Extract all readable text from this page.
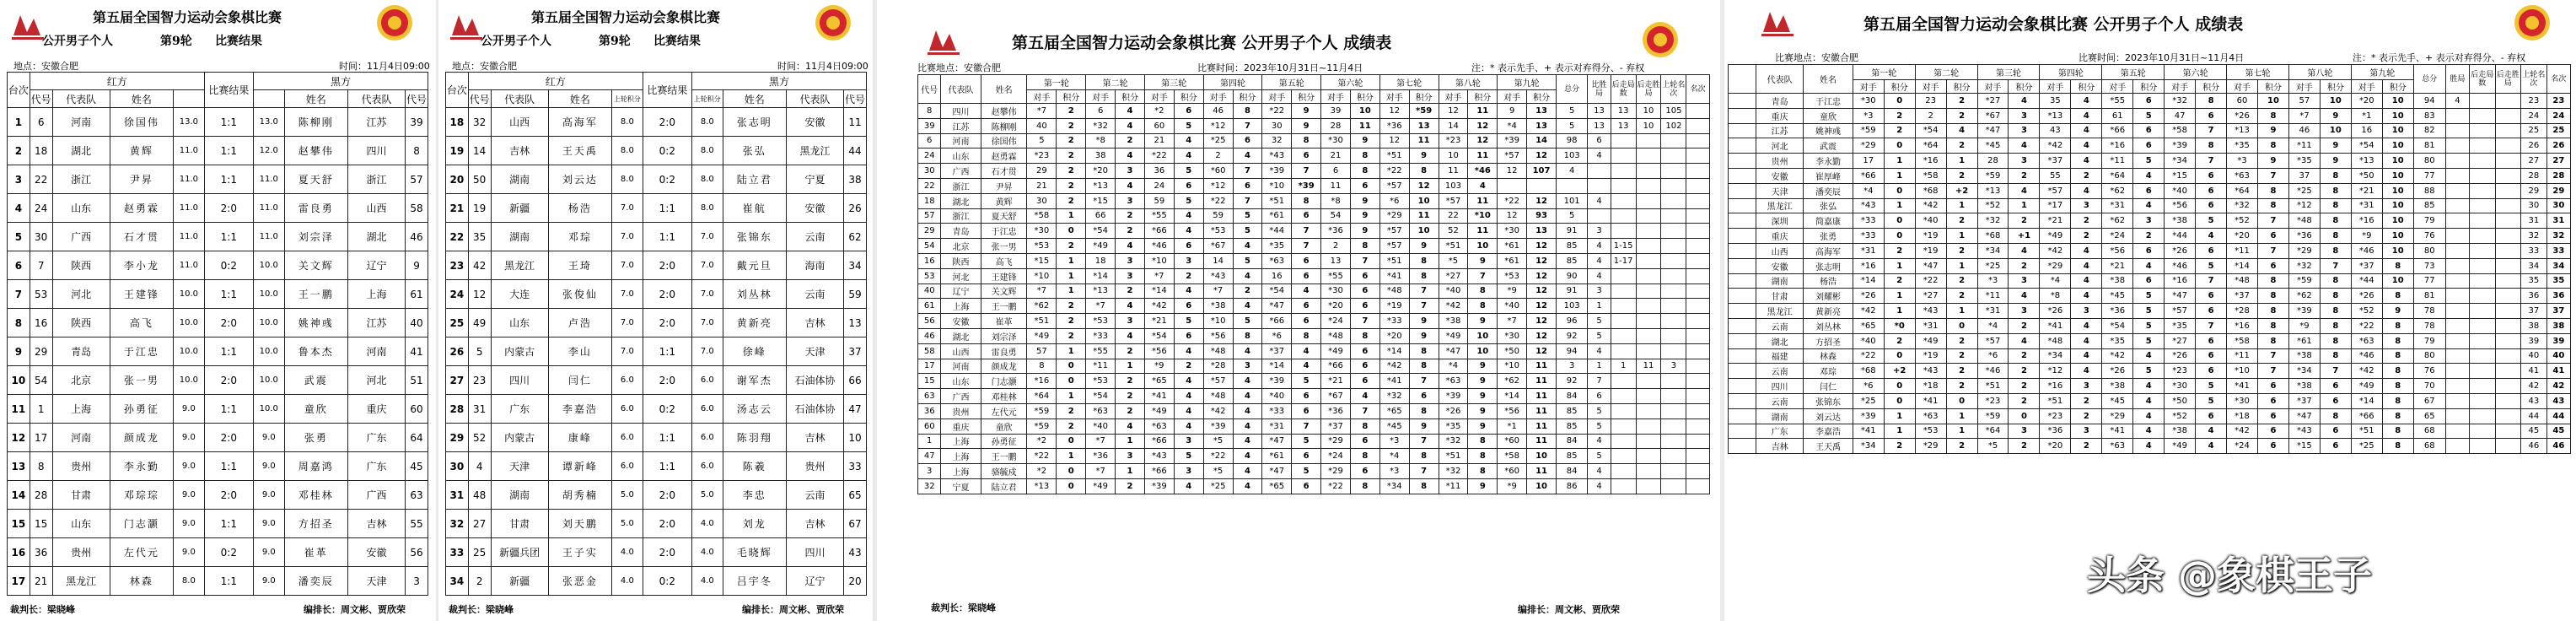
第五届全国智力运动会象棋比赛
公开男子个人	第9轮 比赛结果
地点：安徽合肥	时间：11月4日09:00
台次	红方				比赛结果	黑方			
	代号	代表队	姓名				姓名	代表队	代号
1	6	河南	徐国伟	13.0	1:1	13.0	陈柳刚	江苏	39
2	18	湖北	黄辉	11.0	1:1	12.0	赵攀伟	四川	8
3	22	浙江	尹昇	11.0	1:1	11.0	夏天舒	浙江	57
4	24	山东	赵勇霖	11.0	2:0	11.0	雷良勇	山西	58
5	30	广西	石才贯	11.0	1:1	11.0	刘宗泽	湖北	46
6	7	陕西	李小龙	11.0	0:2	10.0	关文辉	辽宁	9
7	53	河北	王建锋	10.0	1:1	10.0	王一鹏	上海	61
8	16	陕西	高飞	10.0	2:0	10.0	姚神彧	江苏	40
9	29	青岛	于江忠	10.0	1:1	10.0	鲁本杰	河南	41
10	54	北京	张一男	10.0	2:0	10.0	武震	河北	51
11	1	上海	孙勇征	9.0	1:1	10.0	童欣	重庆	60
12	17	河南	颜成龙	9.0	2:0	9.0	张勇	广东	64
13	8	贵州	李永勤	9.0	1:1	9.0	周嘉鸿	广东	45
14	28	甘肃	邓琮琮	9.0	2:0	9.0	邓桂林	广西	63
15	15	山东	门志灏	9.0	1:1	9.0	方招圣	吉林	55
16	36	贵州	左代元	9.0	0:2	9.0	崔革	安徽	56
17	21	黑龙江	林森	8.0	1:1	9.0	潘奕辰	天津	3
裁判长：梁晓峰	编排长：周文彬、贾欣荣
第五届全国智力运动会象棋比赛
公开男子个人	第9轮 比赛结果
地点：安徽合肥	时间：11月4日09:00
台次	红方				比赛结果	黑方			
	代号	代表队	姓名	上轮积分		上轮积分	姓名	代表队	代号
18	32	山西	高海军	8.0	2:0	8.0	张志明	安徽	11
19	14	吉林	王天禹	8.0	0:2	8.0	张弘	黑龙江	44
20	50	湖南	刘云达	8.0	0:2	8.0	陆立君	宁夏	38
21	19	新疆	杨浩	7.0	1:1	8.0	崔航	安徽	26
22	35	湖南	邓琮	7.0	1:1	7.0	张锦东	云南	62
23	42	黑龙江	王琦	7.0	2:0	7.0	戴元旦	海南	34
24	12	大连	张俊仙	7.0	2:0	7.0	刘丛林	云南	59
25	49	山东	卢浩	7.0	2:0	7.0	黄新亮	吉林	13
26	5	内蒙古	李山	7.0	1:1	7.0	徐峰	天津	37
27	23	四川	闫仁	6.0	2:0	6.0	谢军杰	石油体协	66
28	31	广东	李嘉浩	6.0	0:2	6.0	汤志云	石油体协	47
29	52	内蒙古	康峰	6.0	1:1	6.0	陈羽翔	吉林	10
30	4	天津	谭新峰	6.0	1:1	6.0	陈羲	贵州	33
31	48	湖南	胡秀楠	5.0	2:0	5.0	李忠	云南	65
32	27	甘肃	刘天鹏	5.0	2:0	4.0	刘龙	吉林	67
33	25	新疆兵团	王子实	4.0	2:0	4.0	毛晓辉	四川	43
34	2	新疆	张恶金	4.0	0:2	4.0	吕宇冬	辽宁	20
裁判长：梁晓峰	编排长：周文彬、贾欣荣
第五届全国智力运动会象棋比赛 公开男子个人 成绩表
比赛地点：安徽合肥	比赛时间：2023年10月31日~11月4日	注：* 表示先手、+ 表示对弃得分、- 弃权
代号	代表队	姓名	第一轮		第二轮		第三轮		第四轮		第五轮		第六轮		第七轮		第八轮		第九轮		总分	比胜局	后走局数	后走胜局	上轮名次	名次
			对手	积分	对手	积分	对手	积分	对手	积分	对手	积分	对手	积分	对手	积分	对手	积分	对手	积分						
8	四川	赵攀伟	*7	2	6	4	*2	6	46	8	*22	9	39	10	12	*59	12	11	9	13	5	13	13	10	105	
39	江苏	陈柳刚	40	2	*32	4	60	5	*12	7	30	9	28	11	*36	13	14	12	*4	13	5	13	13	10	102	
6	河南	徐国伟	5	2	*8	2	21	4	*25	6	32	8	*30	9	12	11	*23	12	*39	14	98	6				
24	山东	赵勇霖	*23	2	38	4	*22	4	2	4	*43	6	21	8	*51	9	10	11	*57	12	103	4				
30	广西	石才贯	29	2	*20	3	36	5	*60	7	*39	7	6	8	*22	8	11	*46	12	107	4					
22	浙江	尹昇	21	2	*13	4	24	6	*12	6	*10	*39	11	6	*57	12	103	4								
18	湖北	黄辉	30	2	*15	3	59	5	*22	7	*51	8	*8	9	*6	10	*57	11	*22	12	101	4				
57	浙江	夏天舒	*58	1	66	2	*55	4	59	5	*61	6	54	9	*29	11	22	*10	12	93	5					
29	青岛	于江忠	*30	0	*54	2	*66	4	*53	5	*44	7	*36	9	*57	10	52	11	*30	13	91	3				
54	北京	张一男	*53	2	*49	4	*46	6	*67	4	*35	7	2	8	*57	9	*51	10	*61	12	85	4	1-15			
16	陕西	高飞	*15	1	18	3	*10	3	14	5	*63	6	13	7	*51	8	*5	9	*61	12	85	4	1-17			
53	河北	王建锋	*10	1	*14	3	*7	2	*43	4	16	6	*55	6	*41	8	*27	7	*53	12	90	4				
40	辽宁	关文辉	*7	1	*13	2	*14	4	*7	2	*54	4	*30	6	*48	7	*40	8	*9	12	91	3				
61	上海	王一鹏	*62	2	*7	4	*42	6	*38	4	*47	6	*20	6	*19	7	*42	8	*40	12	103	1				
56	安徽	崔革	*51	2	*53	3	*21	5	*10	5	*66	6	*24	7	*33	9	*38	9	*7	12	96	5				
46	湖北	刘宗泽	*49	2	*33	4	*54	6	*56	8	*6	8	*48	8	*20	9	*49	10	*30	12	92	5				
58	山西	雷良勇	57	1	*55	2	*56	4	*48	4	*37	4	*49	6	*14	8	*47	10	*50	12	94	4				
17	河南	颜成龙	8	0	*11	1	*9	2	*28	3	*14	4	*66	6	*42	8	*4	9	*10	11	3	1	1	11	3	
15	山东	门志灏	*16	0	*53	2	*65	4	*57	4	*39	5	*21	6	*41	7	*63	9	*62	11	92	7				
63	广西	邓桂林	*64	1	*54	2	*41	4	*48	4	*40	6	*67	4	*32	6	*39	9	*14	11	84	6				
36	贵州	左代元	*59	2	*63	2	*49	4	*42	4	*33	6	*36	7	*65	8	*26	9	*56	11	85	5				
60	重庆	童欣	*59	2	*40	4	*63	4	*39	4	*31	7	*37	8	*45	9	*35	9	*1	11	85	5				
1	上海	孙勇征	*2	0	*7	1	*66	3	*5	4	*47	5	*29	6	*3	7	*32	8	*60	11	84	4				
47	上海	王一鹏	*22	1	*36	3	*43	5	*22	4	*61	6	*24	8	*4	8	*51	8	*58	10	85	5				
3	上海	骆毓戍	*2	0	*7	1	*66	3	*5	4	*47	5	*29	6	*3	7	*32	8	*60	11	84	4				
32	宁夏	陆立君	*13	0	*49	2	*39	4	*25	4	*65	6	*22	8	*34	8	*11	9	*9	10	86	4				
裁判长：梁晓峰	编排长：周文彬、贾欣荣
第五届全国智力运动会象棋比赛 公开男子个人 成绩表
比赛地点：安徽合肥	比赛时间：2023年10月31日~11月4日	注：* 表示先手、+ 表示对弃得分、- 弃权
	代表队	姓名	第一轮		第二轮		第三轮		第四轮		第五轮		第六轮		第七轮		第八轮		第九轮		总分	胜局	后走局数	后走胜局	上轮名次	名次
			对手	积分	对手	积分	对手	积分	对手	积分	对手	积分	对手	积分	对手	积分	对手	积分	对手	积分						
	青岛	于江忠	*30	0	23	2	*27	4	35	4	*55	6	*32	8	60	10	57	10	*20	10	94	4			23	23
	重庆	童欣	*3	2	2	2	*67	3	*13	4	61	5	47	6	*26	8	*7	9	*1	10	83				24	24
	江苏	姚神彧	*59	2	*54	4	*47	3	43	4	*66	6	*58	7	*13	9	46	10	16	10	82				25	25
	河北	武震	*29	0	*64	2	*45	4	*42	4	*16	6	*39	8	*35	8	*11	9	*54	10	81				26	26
	贵州	李永勤	17	1	*16	1	28	3	*37	4	*11	5	*34	7	*3	9	*35	9	*13	10	80				27	27
	安徽	崔厚峰	*66	1	*58	2	*59	2	55	2	*64	4	*15	6	*63	7	37	8	*50	10	77				28	28
	天津	潘奕辰	*4	0	*68	+2	*13	4	*57	4	*62	6	*40	6	*64	8	*25	8	*21	10	88				29	29
	黑龙江	张弘	*43	1	*42	1	*52	1	*17	3	*31	4	*56	6	*32	8	*12	8	*31	10	85				30	30
	深圳	简嘉康	*33	0	*40	2	*32	2	*21	2	*62	3	*38	5	*52	7	*48	8	*16	10	79				31	31
	重庆	张勇	*33	0	*19	1	*68	+1	*49	2	*24	2	*44	4	*20	6	*36	8	*9	10	76				32	32
	山西	高海军	*31	2	*19	2	*34	4	*42	4	*56	6	*26	6	*11	7	*29	8	*46	10	80				33	33
	安徽	张志明	*16	1	*47	1	*25	2	*29	4	*21	4	*46	5	*14	6	*32	7	*37	8	73				34	34
	湖南	杨浩	*14	2	*22	2	*3	3	*4	4	*38	6	*16	7	*48	8	*59	8	*44	10	77				35	35
	甘肃	刘耀彬	*26	1	*27	2	*11	4	*8	4	*45	5	*47	6	*37	8	*62	8	*26	8	81				36	36
	黑龙江	黄新亮	*42	1	*43	1	*31	3	*26	3	*36	5	*57	6	*28	8	*39	8	*52	9	78				37	37
	云南	刘丛林	*65	*0	*31	0	*4	2	*41	4	*54	5	*35	7	*16	8	*9	8	*22	8	78				38	38
	湖北	方招圣	*40	2	*49	2	*57	4	*48	4	*35	5	*27	6	*58	8	*61	8	*63	8	79				39	39
	福建	林森	*22	0	*19	2	*6	2	*34	4	*42	4	*26	6	*11	7	*38	8	*46	8	80				40	40
	云南	邓琮	*68	+2	*43	2	*46	2	*12	4	*26	5	*23	6	*10	7	*34	7	*42	8	76				41	41
	四川	闫仁	*6	0	*18	2	*51	2	*16	3	*38	4	*30	5	*41	6	*38	6	*49	8	70				42	42
	云南	张锦东	*25	0	*41	0	*23	2	*51	2	*45	4	*50	5	*30	6	*37	6	*14	8	67				43	43
	湖南	刘云达	*39	1	*63	1	*59	0	*23	2	*29	4	*52	6	*18	6	*47	8	*66	8	65				44	44
	广东	李嘉浩	*41	1	*53	1	*64	3	*36	3	*41	4	*38	4	*42	6	*43	6	*51	8	68				45	45
	吉林	王天禹	*34	2	*29	2	*5	2	*20	2	*63	4	*49	4	*24	6	*15	6	*25	8	68				46	46
头条 @象棋王子
